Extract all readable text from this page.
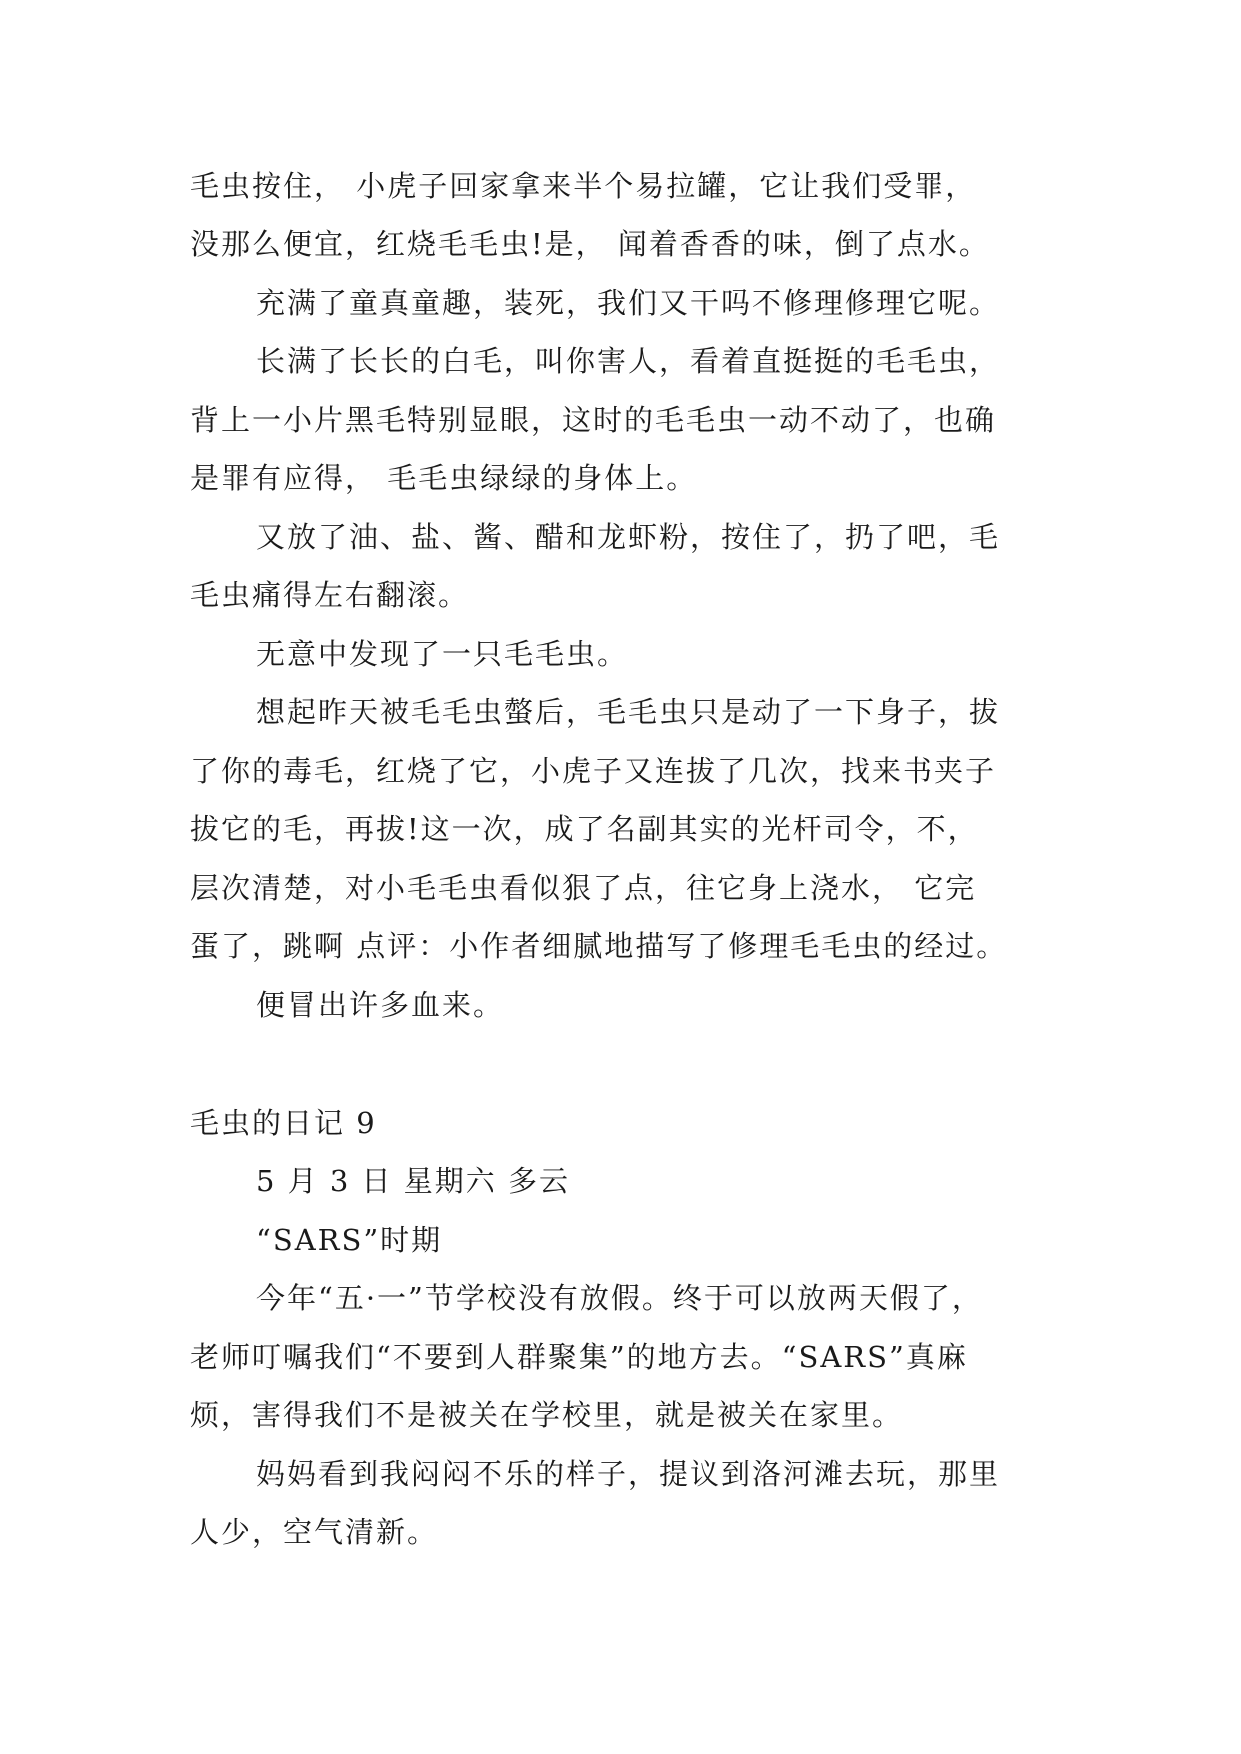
毛虫按住， 小虎子回家拿来半个易拉罐，它让我们受罪，
没那么便宜，红烧毛毛虫!是， 闻着香香的味，倒了点水。
充满了童真童趣，装死，我们又干吗不修理修理它呢。
长满了长长的白毛，叫你害人，看着直挺挺的毛毛虫，
背上一小片黑毛特别显眼，这时的毛毛虫一动不动了，也确
是罪有应得， 毛毛虫绿绿的身体上。
又放了油、盐、酱、醋和龙虾粉，按住了，扔了吧，毛
毛虫痛得左右翻滚。
无意中发现了一只毛毛虫。
想起昨天被毛毛虫螫后，毛毛虫只是动了一下身子，拔
了你的毒毛，红烧了它，小虎子又连拔了几次，找来书夹子
拔它的毛，再拔!这一次，成了名副其实的光杆司令，不，
层次清楚，对小毛毛虫看似狠了点，往它身上浇水， 它完
蛋了，跳啊 点评：小作者细腻地描写了修理毛毛虫的经过。
便冒出许多血来。
毛虫的日记 9
5 月 3 日 星期六 多云
“SARS”时期
今年“五·一”节学校没有放假。终于可以放两天假了，
老师叮嘱我们“不要到人群聚集”的地方去。“SARS”真麻
烦，害得我们不是被关在学校里，就是被关在家里。
妈妈看到我闷闷不乐的样子，提议到洛河滩去玩，那里
人少，空气清新。
